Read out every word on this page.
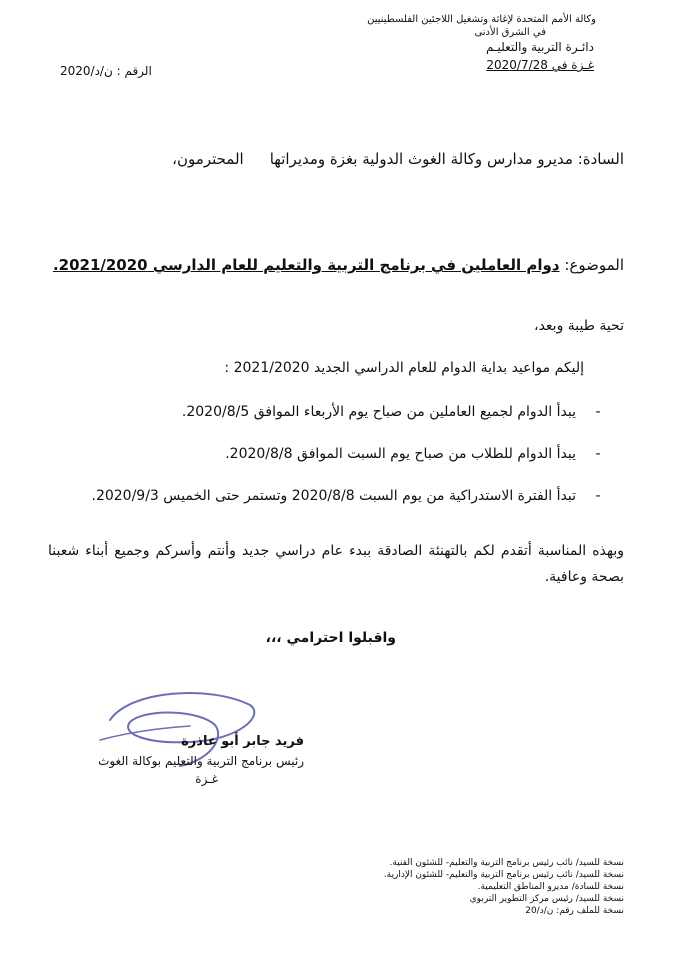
وكالة الأمم المتحدة لإغاثة وتشغيل اللاجئين الفلسطينيين
في الشرق الأدنى
دائـرة التربية والتعليـم
غـزة في 2020/7/28
الرقم : ن/د/2020
السادة: مديرو مدارس وكالة الغوث الدولية بغزة ومديراتهاالمحترمون،
الموضوع: دوام العاملين في برنامج التربية والتعليم للعام الدارسي 2021/2020.
تحية طيبة وبعد،
إليكم مواعيد بداية الدوام للعام الدراسي الجديد 2021/2020 :
-يبدأ الدوام لجميع العاملين من صباح يوم الأربعاء الموافق 2020/8/5.
-يبدأ الدوام للطلاب من صباح يوم السبت الموافق 2020/8/8.
-تبدأ الفترة الاستدراكية من يوم السبت 2020/8/8 وتستمر حتى الخميس 2020/9/3.
وبهذه المناسبة أتقدم لكم بالتهنئة الصادقة ببدء عام دراسي جديد وأنتم وأسركم وجميع أبناء شعبنا بصحة وعافية.
واقبلوا احترامي ،،،
فريد جابر أبو عاذرة
رئيس برنامج التربية والتعليم بوكالة الغوث
غـزة
نسخة للسيد/ نائب رئيس برنامج التربية والتعليم- للشئون الفنية.
نسخة للسيد/ نائب رئيس برنامج التربية والتعليم- للشئون الإدارية.
نسخة للسادة/ مديرو المناطق التعليمية.
نسخة للسيد/ رئيس مركز التطوير التربوي
نسخة للملف رقم: ن/د/20
